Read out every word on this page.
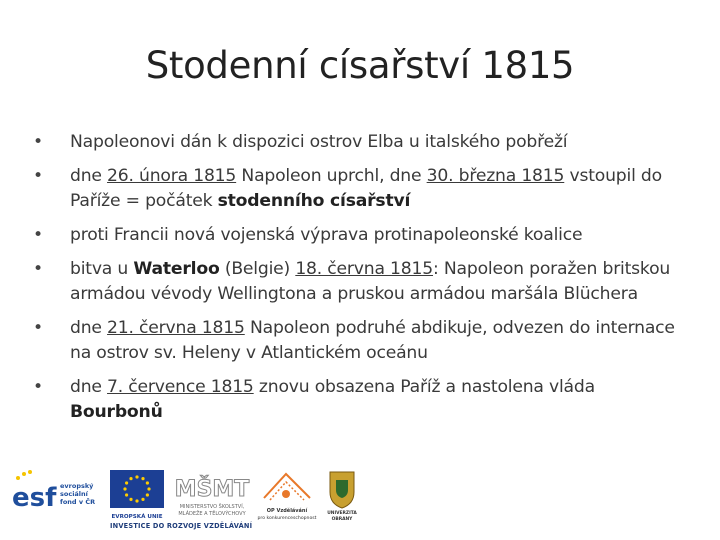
Stodenní císařství 1815
• Napoleonovi dán k dispozici ostrov Elba u italského pobřeží
• dne 26. února 1815 Napoleon uprchl, dne 30. března 1815 vstoupil do Paříže = počátek stodenního císařství
• proti Francii nová vojenská výprava protinapoleonské koalice
• bitva u Waterloo (Belgie) 18. června 1815: Napoleon poražen britskou armádou vévody Wellingtona a pruskou armádou maršála Blüchera
• dne 21. června 1815 Napoleon podruhé abdikuje, odvezen do internace na ostrov sv. Heleny v Atlantickém oceánu
• dne 7. července 1815 znovu obsazena Paříž a nastolena vláda Bourbonů
esf evropský
sociální
fond v ČR
EVROPSKÁ UNIE
MŠMT
MINISTERSTVO ŠKOLSTVÍ,
MLÁDEŽE A TĚLOVÝCHOVY	OP Vzdělávání
pro konkurenceschopnost
UNIVERZITA
OBRANY
INVESTICE DO ROZVOJE VZDĚLÁVÁNÍ
